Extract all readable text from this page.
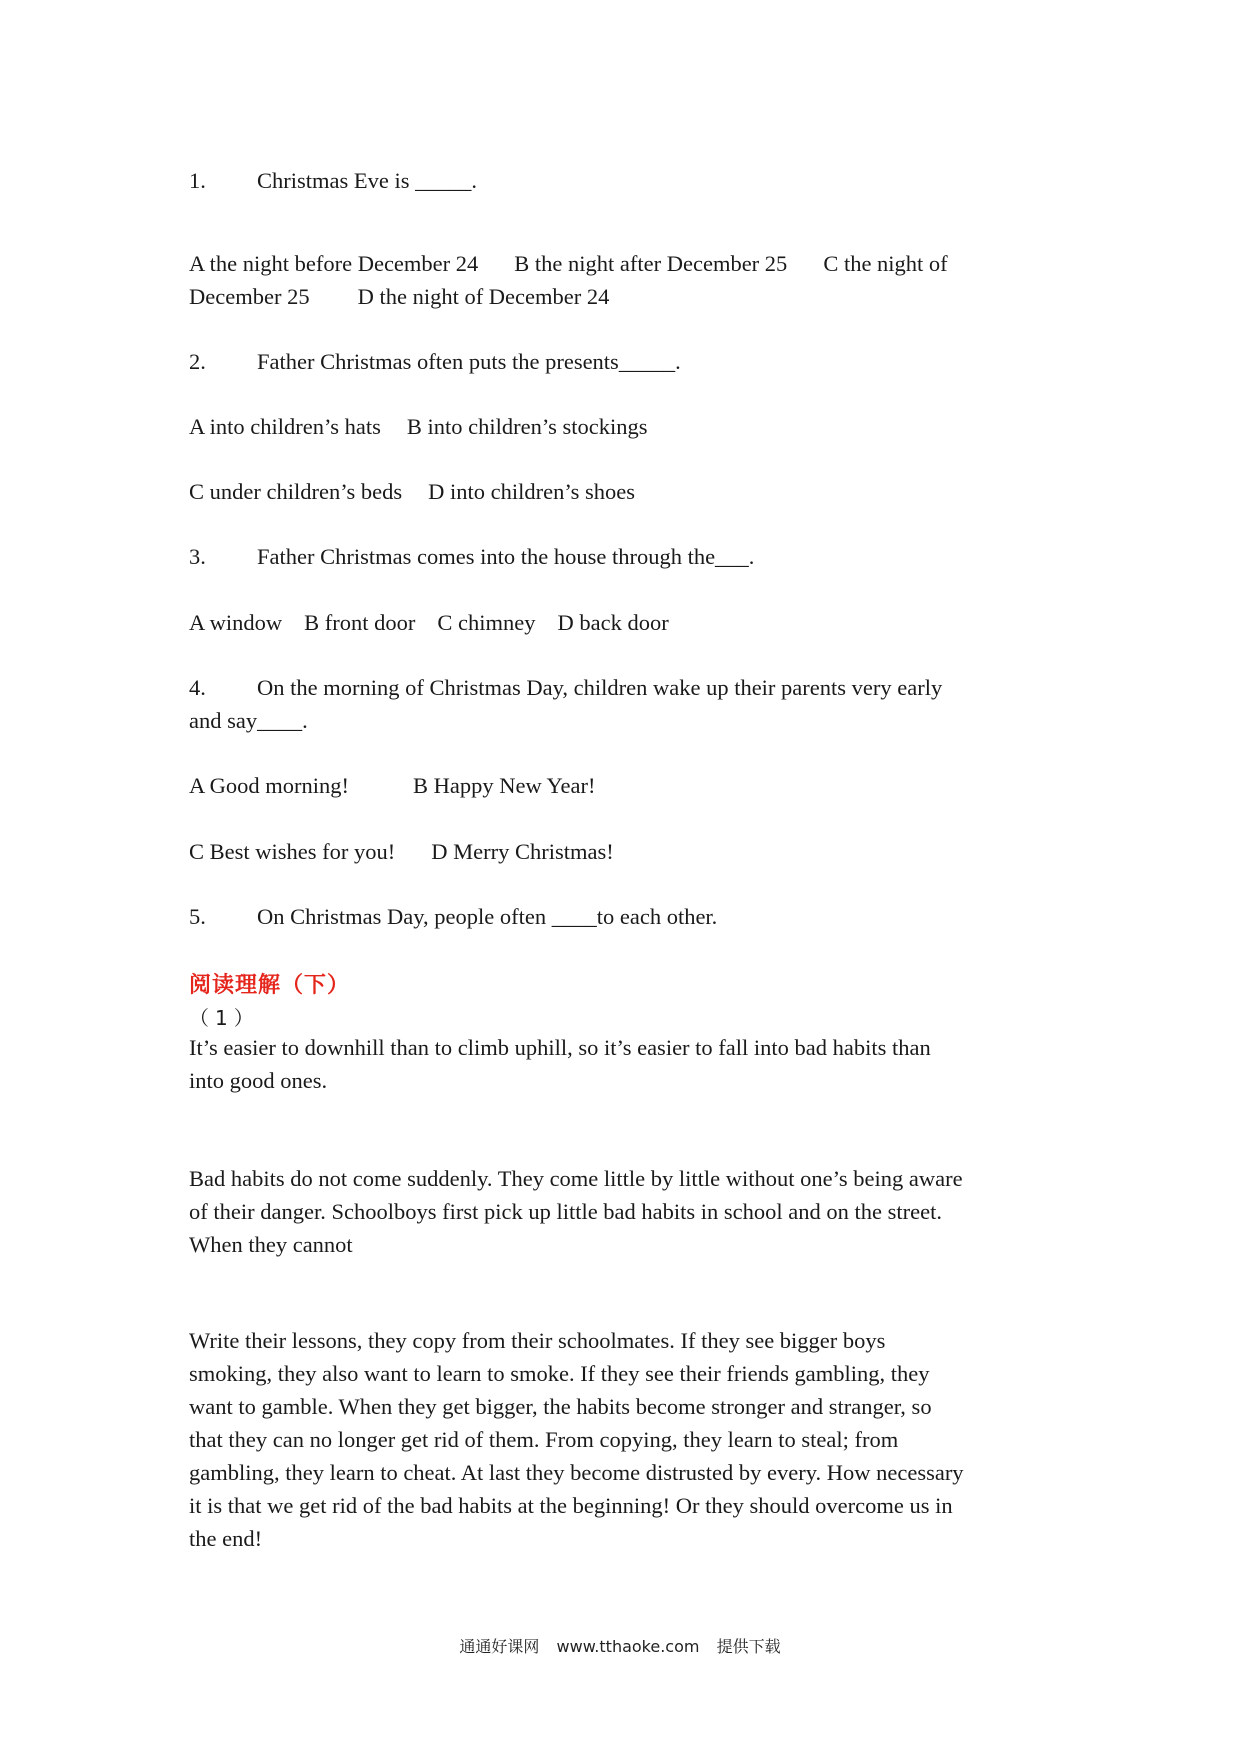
1. Christmas Eve is _____.
A the night before December 24 B the night after December 25 C the night of
December 25 D the night of December 24
2. Father Christmas often puts the presents_____.
A into children’s hats B into children’s stockings
C under children’s beds D into children’s shoes
3. Father Christmas comes into the house through the___.
A window B front door C chimney D back door
4. On the morning of Christmas Day, children wake up their parents very early
and say____.
A Good morning!	B Happy New Year!
C Best wishes for you! D Merry Christmas!
5. On Christmas Day, people often ____to each other.
阅读理解（下）
（1）

It’s easier to downhill than to climb uphill, so it’s easier to fall into bad habits than

into good ones.

Bad habits do not come suddenly. They come little by little without one’s being aware

of their danger. Schoolboys first pick up little bad habits in school and on the street.

When they cannot

Write their lessons, they copy from their schoolmates. If they see bigger boys

smoking, they also want to learn to smoke. If they see their friends gambling, they

want to gamble. When they get bigger, the habits become stronger and stranger, so

that they can no longer get rid of them. From copying, they learn to steal; from

gambling, they learn to cheat. At last they become distrusted by every. How necessary

it is that we get rid of the bad habits at the beginning! Or they should overcome us in

the end!

通通好课网 www.tthaoke.com 提供下载
